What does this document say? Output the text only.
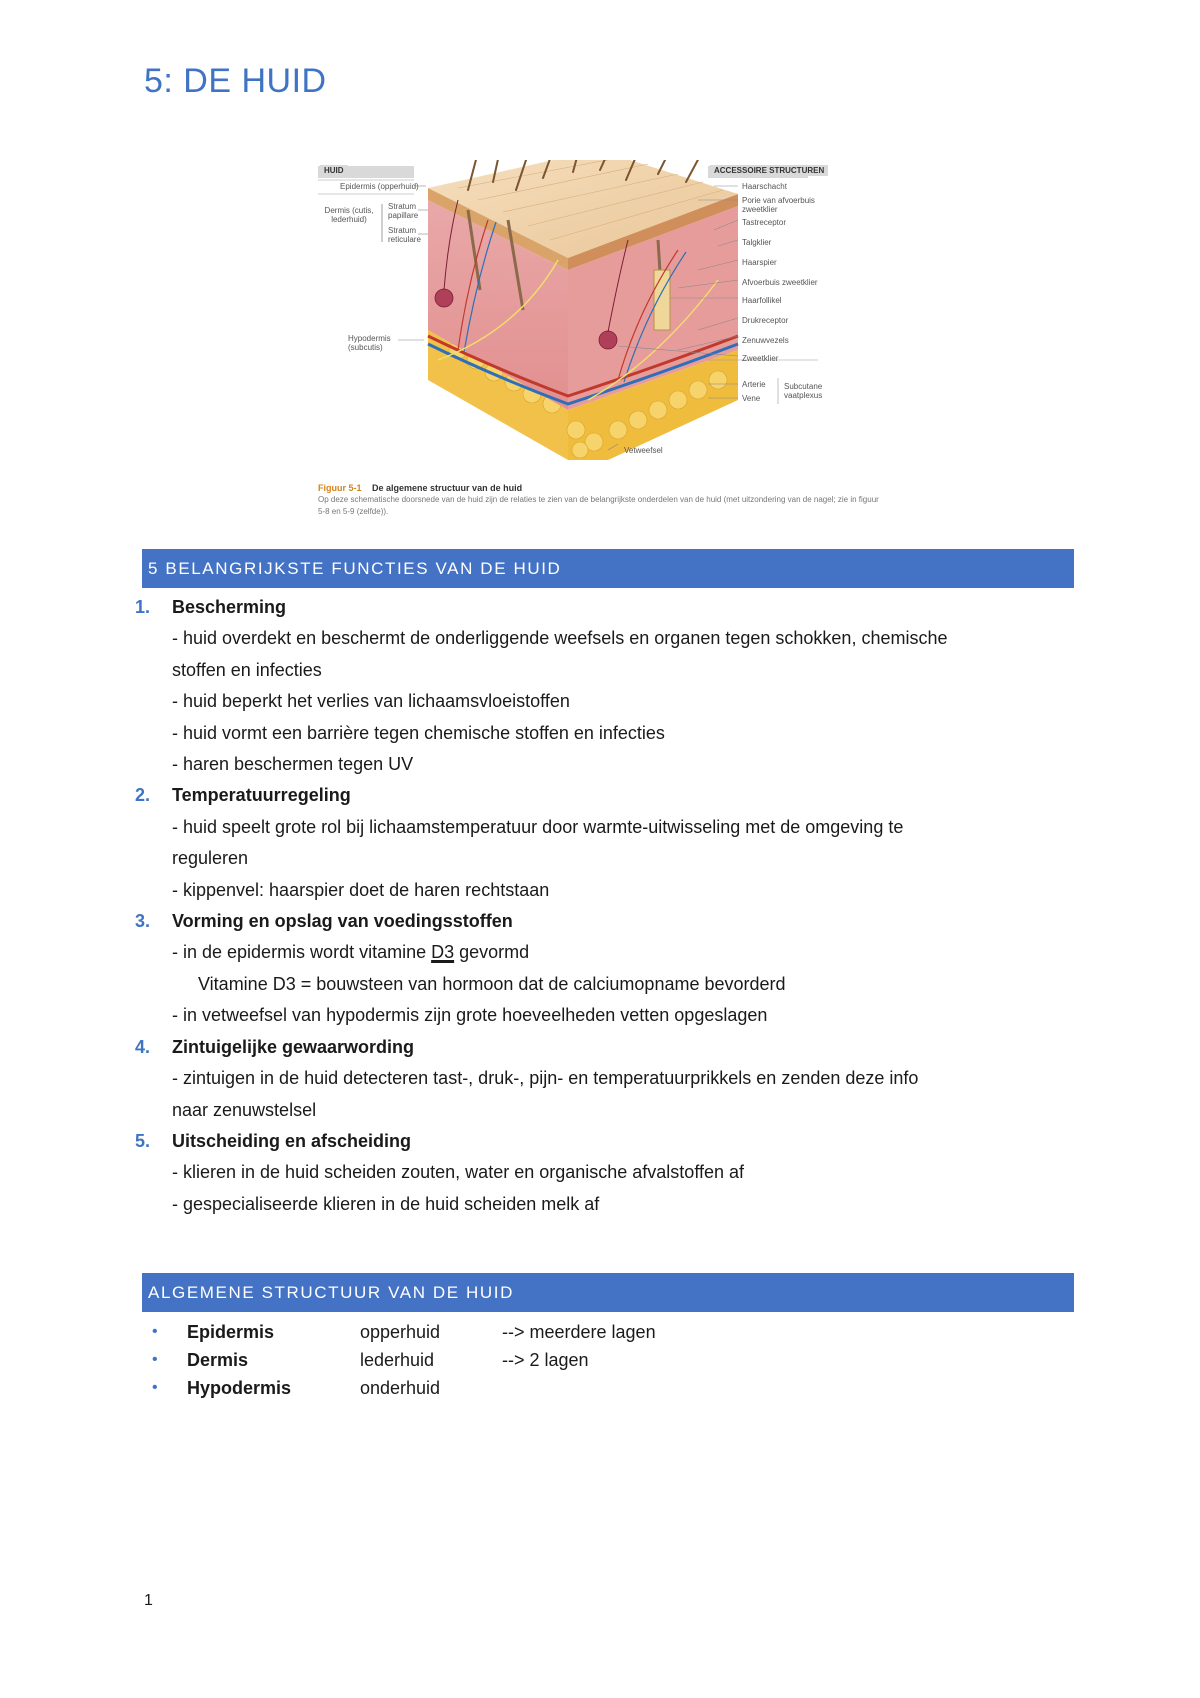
5: DE HUID
HUID
Epidermis (opperhuid)
Dermis (cutis, lederhuid)
Stratum papillare
Stratum reticulare
Hypodermis (subcutis)
ACCESSOIRE STRUCTUREN
Haarschacht
Porie van afvoerbuis zweetklier
Tastreceptor
Talgklier
Haarspier
Afvoerbuis zweetklier
Haarfollikel
Drukreceptor
Zenuwvezels
Zweetklier
Arterie
Vene
Subcutane vaatplexus
Vetweefsel
Figuur 5-1 De algemene structuur van de huid
Op deze schematische doorsnede van de huid zijn de relaties te zien van de belangrijkste onderdelen van de huid (met uitzondering van de nagel; zie in figuur 5-8 en 5-9 (zelfde)).
5 BELANGRIJKSTE FUNCTIES VAN DE HUID
1. Bescherming
- huid overdekt en beschermt de onderliggende weefsels en organen tegen schokken, chemische
stoffen en infecties
- huid beperkt het verlies van lichaamsvloeistoffen
- huid vormt een barrière tegen chemische stoffen en infecties
- haren beschermen tegen UV
2. Temperatuurregeling
- huid speelt grote rol bij lichaamstemperatuur door warmte-uitwisseling met de omgeving te
reguleren
- kippenvel: haarspier doet de haren rechtstaan
3. Vorming en opslag van voedingsstoffen
- in de epidermis wordt vitamine D3 gevormd
Vitamine D3 = bouwsteen van hormoon dat de calciumopname bevorderd
- in vetweefsel van hypodermis zijn grote hoeveelheden vetten opgeslagen
4. Zintuigelijke gewaarwording
- zintuigen in de huid detecteren tast-, druk-, pijn- en temperatuurprikkels en zenden deze info
naar zenuwstelsel
5. Uitscheiding en afscheiding
- klieren in de huid scheiden zouten, water en organische afvalstoffen af
- gespecialiseerde klieren in de huid scheiden melk af
ALGEMENE STRUCTUUR VAN DE HUID
• Epidermis	opperhuid	--> meerdere lagen
• Dermis	lederhuid	--> 2 lagen
• Hypodermis	onderhuid
1
